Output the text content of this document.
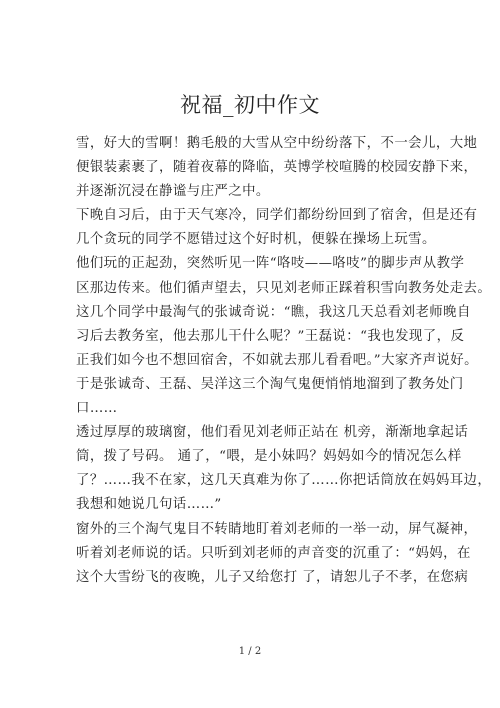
祝福_初中作文
雪，好大的雪啊！鹅毛般的大雪从空中纷纷落下，不一会儿，大地
便银装素裹了，随着夜幕的降临，英博学校喧腾的校园安静下来，
并逐渐沉浸在静谧与庄严之中。
下晚自习后，由于天气寒冷，同学们都纷纷回到了宿舍，但是还有
几个贪玩的同学不愿错过这个好时机，便躲在操场上玩雪。
他们玩的正起劲，突然听见一阵“咯吱——咯吱”的脚步声从教学
区那边传来。他们循声望去，只见刘老师正踩着积雪向教务处走去。
这几个同学中最淘气的张诚奇说：“瞧，我这几天总看刘老师晚自
习后去教务室，他去那儿干什么呢？”王磊说：“我也发现了，反
正我们如今也不想回宿舍，不如就去那儿看看吧。”大家齐声说好。
于是张诚奇、王磊、吴洋这三个淘气鬼便悄悄地溜到了教务处门
口……
透过厚厚的玻璃窗，他们看见刘老师正站在 机旁，渐渐地拿起话
筒，拨了号码。 通了，“喂，是小妹吗？妈妈如今的情况怎么样
了？……我不在家，这几天真难为你了……你把话筒放在妈妈耳边，
我想和她说几句话……”
窗外的三个淘气鬼目不转睛地盯着刘老师的一举一动，屏气凝神，
听着刘老师说的话。只听到刘老师的声音变的沉重了：“妈妈，在
这个大雪纷飞的夜晚，儿子又给您打 了，请恕儿子不孝，在您病
1 / 2
